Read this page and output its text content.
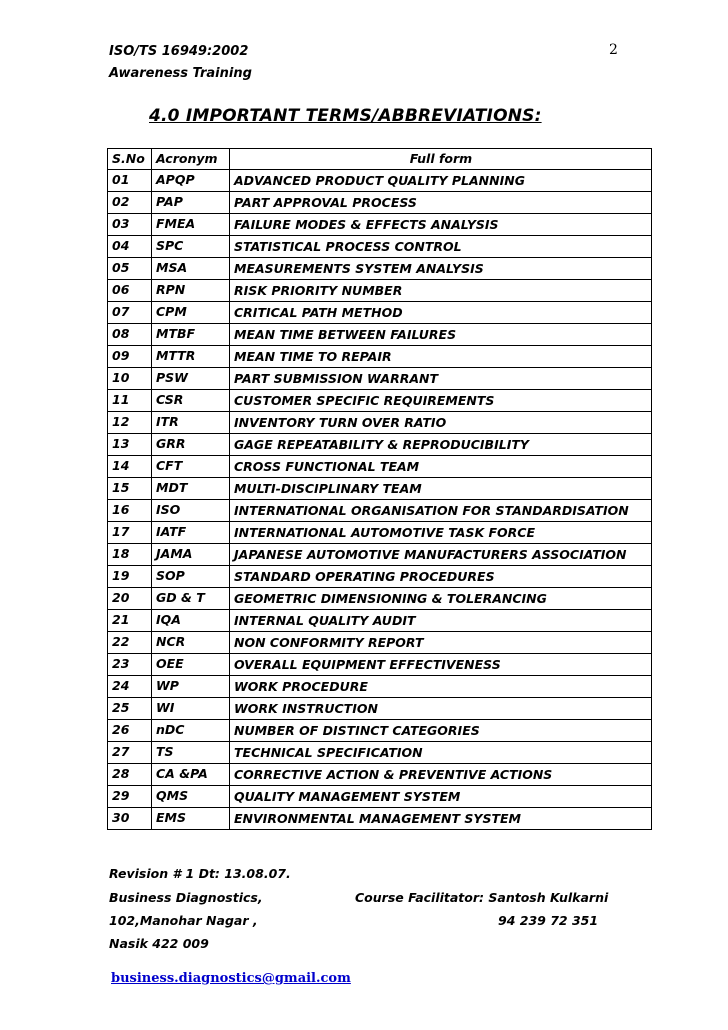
ISO/TS 16949:2002
Awareness Training
2
4.0 IMPORTANT TERMS/ABBREVIATIONS:
S.No	Acronym	Full form
01	APQP	ADVANCED PRODUCT QUALITY PLANNING
02	PAP	PART APPROVAL PROCESS
03	FMEA	FAILURE MODES & EFFECTS ANALYSIS
04	SPC	STATISTICAL PROCESS CONTROL
05	MSA	MEASUREMENTS SYSTEM ANALYSIS
06	RPN	RISK PRIORITY NUMBER
07	CPM	CRITICAL PATH METHOD
08	MTBF	MEAN TIME BETWEEN FAILURES
09	MTTR	MEAN TIME TO REPAIR
10	PSW	PART SUBMISSION WARRANT
11	CSR	CUSTOMER SPECIFIC REQUIREMENTS
12	ITR	INVENTORY TURN OVER RATIO
13	GRR	GAGE REPEATABILITY & REPRODUCIBILITY
14	CFT	CROSS FUNCTIONAL TEAM
15	MDT	MULTI-DISCIPLINARY TEAM
16	ISO	INTERNATIONAL ORGANISATION FOR STANDARDISATION
17	IATF	INTERNATIONAL AUTOMOTIVE TASK FORCE
18	JAMA	JAPANESE AUTOMOTIVE MANUFACTURERS ASSOCIATION
19	SOP	STANDARD OPERATING PROCEDURES
20	GD & T	GEOMETRIC DIMENSIONING & TOLERANCING
21	IQA	INTERNAL QUALITY AUDIT
22	NCR	NON CONFORMITY REPORT
23	OEE	OVERALL EQUIPMENT EFFECTIVENESS
24	WP	WORK PROCEDURE
25	WI	WORK INSTRUCTION
26	nDC	NUMBER OF DISTINCT CATEGORIES
27	TS	TECHNICAL SPECIFICATION
28	CA &PA	CORRECTIVE ACTION & PREVENTIVE ACTIONS
29	QMS	QUALITY MANAGEMENT SYSTEM
30	EMS	ENVIRONMENTAL MANAGEMENT SYSTEM
Revision # 1 Dt: 13.08.07.
Business Diagnostics,	Course Facilitator: Santosh Kulkarni
102,Manohar Nagar ,	94 239 72 351
Nasik 422 009
business.diagnostics@gmail.com
